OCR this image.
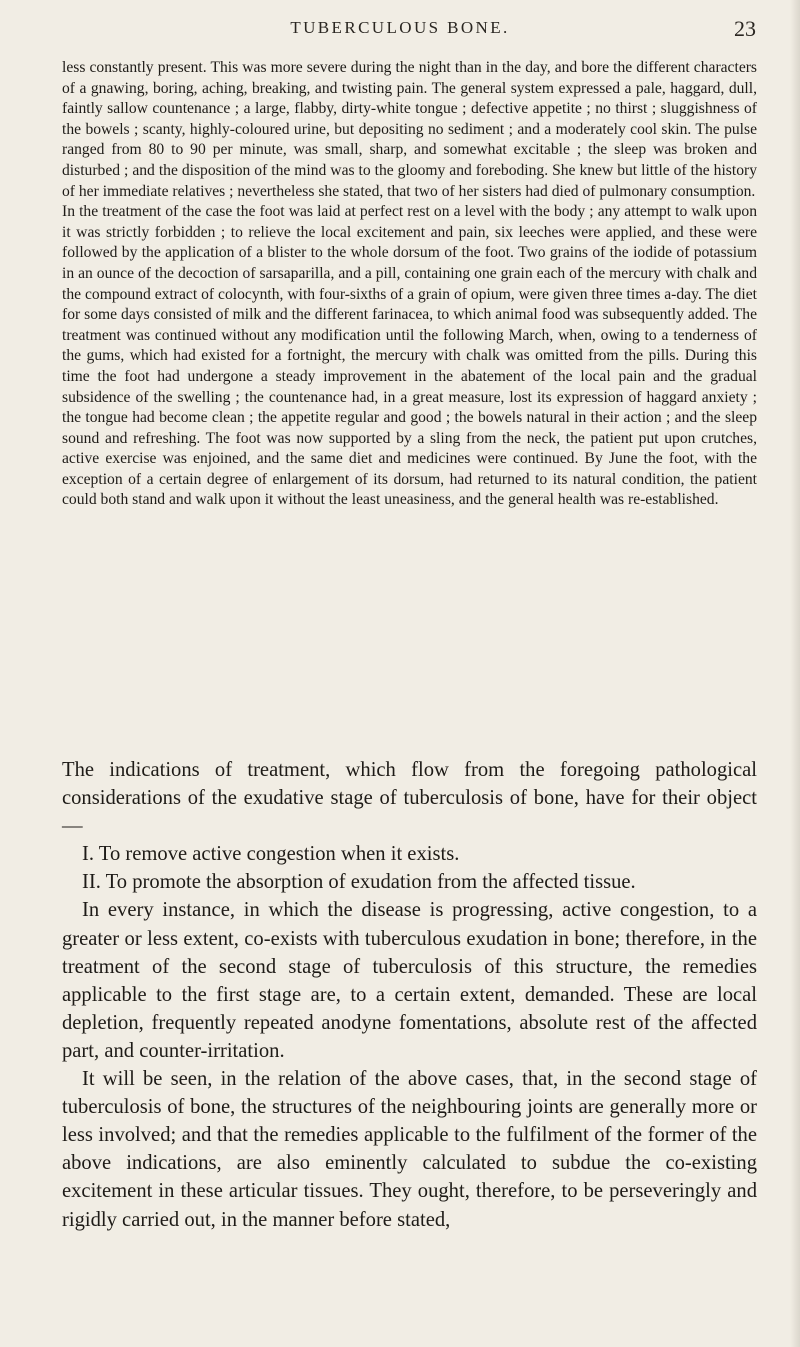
TUBERCULOUS BONE.	23

less constantly present. This was more severe during the night than in the day, and bore the different characters of a gnawing, boring, aching, breaking, and twisting pain. The general system expressed a pale, haggard, dull, faintly sallow countenance ; a large, flabby, dirty-white tongue ; defective appetite ; no thirst ; sluggishness of the bowels ; scanty, highly-coloured urine, but depositing no sediment ; and a moderately cool skin. The pulse ranged from 80 to 90 per minute, was small, sharp, and somewhat excitable ; the sleep was broken and disturbed ; and the disposition of the mind was to the gloomy and foreboding. She knew but little of the history of her immediate relatives ; nevertheless she stated, that two of her sisters had died of pulmonary consumption.

In the treatment of the case the foot was laid at perfect rest on a level with the body ; any attempt to walk upon it was strictly forbidden ; to relieve the local excitement and pain, six leeches were applied, and these were followed by the application of a blister to the whole dorsum of the foot. Two grains of the iodide of potassium in an ounce of the decoction of sarsaparilla, and a pill, containing one grain each of the mercury with chalk and the compound extract of colocynth, with four-sixths of a grain of opium, were given three times a-day. The diet for some days consisted of milk and the different farinacea, to which animal food was subsequently added. The treatment was continued without any modification until the following March, when, owing to a tenderness of the gums, which had existed for a fortnight, the mercury with chalk was omitted from the pills. During this time the foot had undergone a steady improvement in the abatement of the local pain and the gradual subsidence of the swelling ; the countenance had, in a great measure, lost its expression of haggard anxiety ; the tongue had become clean ; the appetite regular and good ; the bowels natural in their action ; and the sleep sound and refreshing. The foot was now supported by a sling from the neck, the patient put upon crutches, active exercise was enjoined, and the same diet and medicines were continued. By June the foot, with the exception of a certain degree of enlargement of its dorsum, had returned to its natural condition, the patient could both stand and walk upon it without the least uneasiness, and the general health was re-established.

The indications of treatment, which flow from the foregoing pathological considerations of the exudative stage of tuberculosis of bone, have for their object—

I. To remove active congestion when it exists.
II. To promote the absorption of exudation from the affected tissue.

In every instance, in which the disease is progressing, active congestion, to a greater or less extent, co-exists with tuberculous exudation in bone; therefore, in the treatment of the second stage of tuberculosis of this structure, the remedies applicable to the first stage are, to a certain extent, demanded. These are local depletion, frequently repeated anodyne fomentations, absolute rest of the affected part, and counter-irritation.

It will be seen, in the relation of the above cases, that, in the second stage of tuberculosis of bone, the structures of the neighbouring joints are generally more or less involved; and that the remedies applicable to the fulfilment of the former of the above indications, are also eminently calculated to subdue the co-existing excitement in these articular tissues. They ought, therefore, to be perseveringly and rigidly carried out, in the manner before stated,
